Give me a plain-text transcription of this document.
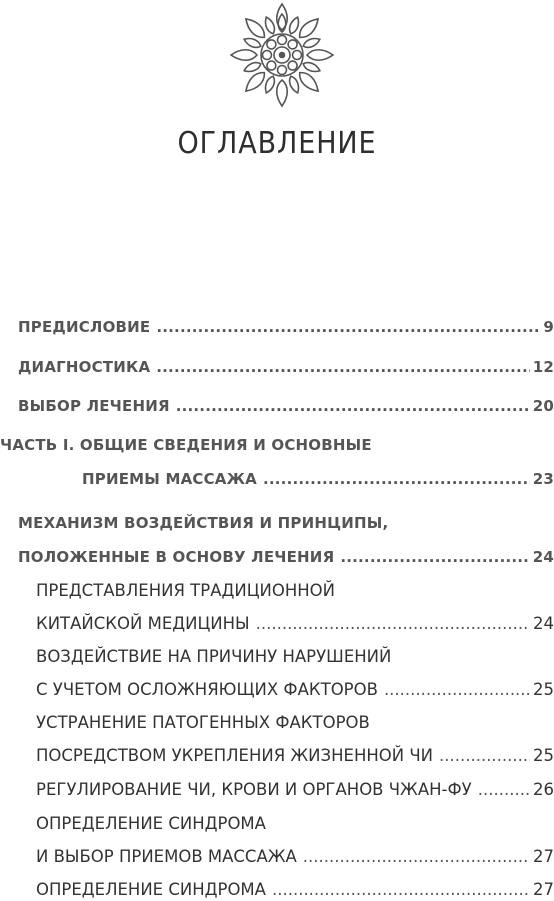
ОГЛАВЛЕНИЕ
ПРЕДИСЛОВИЕ .....	9
ДИАГНОСТИКА .....	12
ВЫБОР ЛЕЧЕНИЯ .....	20
ЧАСТЬ I. ОБЩИЕ СВЕДЕНИЯ И ОСНОВНЫЕ
ПРИЕМЫ МАССАЖА .....	23
МЕХАНИЗМ ВОЗДЕЙСТВИЯ И ПРИНЦИПЫ,
ПОЛОЖЕННЫЕ В ОСНОВУ ЛЕЧЕНИЯ .....	24
ПРЕДСТАВЛЕНИЯ ТРАДИЦИОННОЙ
КИТАЙСКОЙ МЕДИЦИНЫ .....	24
ВОЗДЕЙСТВИЕ НА ПРИЧИНУ НАРУШЕНИЙ
С УЧЕТОМ ОСЛОЖНЯЮЩИХ ФАКТОРОВ .....	25
УСТРАНЕНИЕ ПАТОГЕННЫХ ФАКТОРОВ
ПОСРЕДСТВОМ УКРЕПЛЕНИЯ ЖИЗНЕННОЙ ЧИ .....	25
РЕГУЛИРОВАНИЕ ЧИ, КРОВИ И ОРГАНОВ ЧЖАН-ФУ .....	26
ОПРЕДЕЛЕНИЕ СИНДРОМА
И ВЫБОР ПРИЕМОВ МАССАЖА .....	27
ОПРЕДЕЛЕНИЕ СИНДРОМА .....	27
